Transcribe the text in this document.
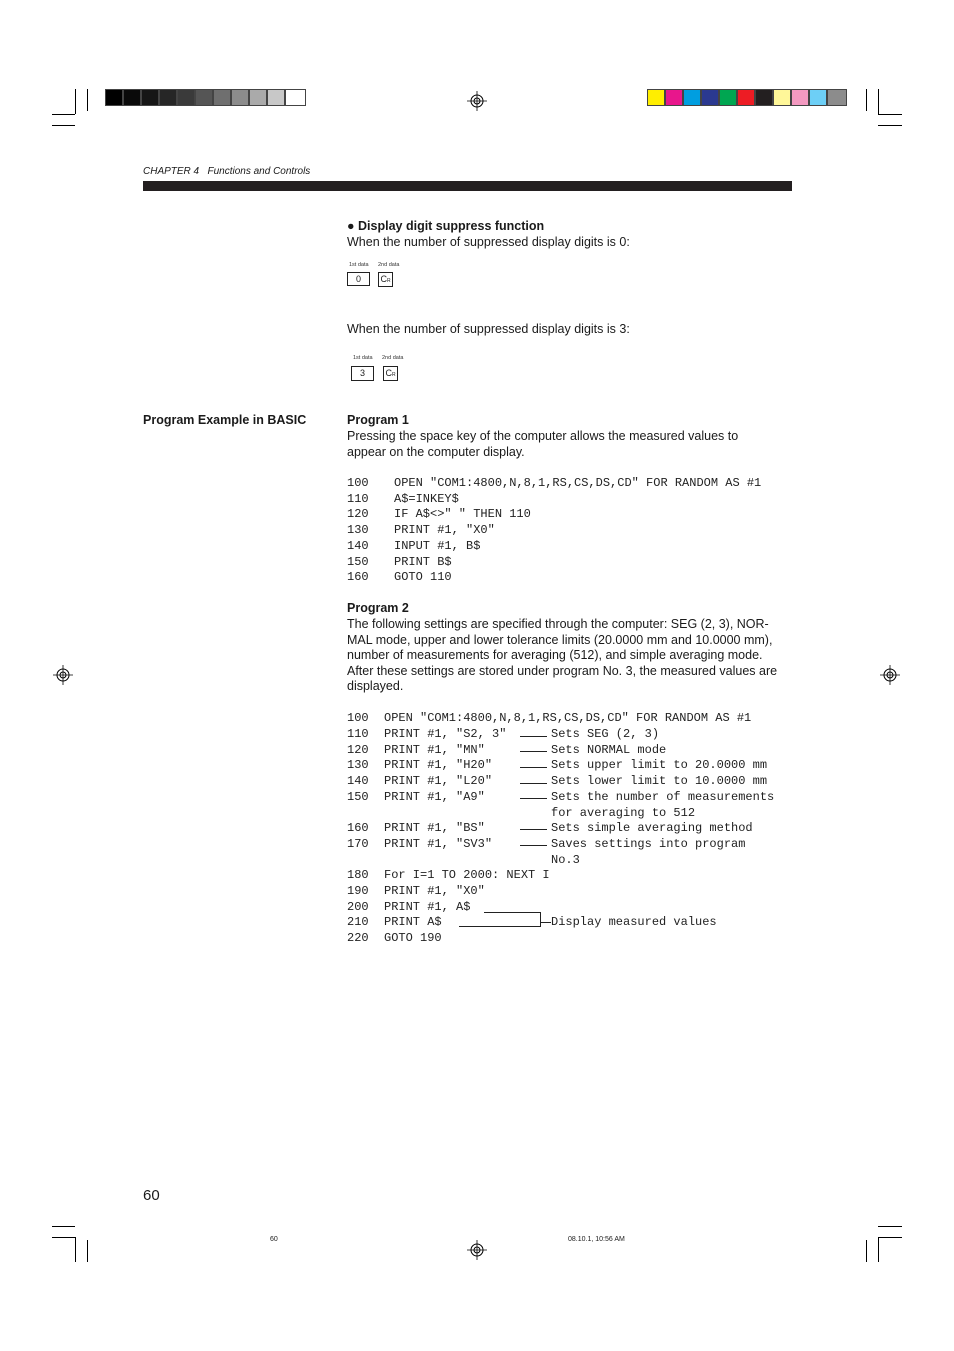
CHAPTER 4 Functions and Controls
● Display digit suppress function
When the number of suppressed display digits is 0:
1st data 2nd data
0	CR
When the number of suppressed display digits is 3:
1st data 2nd data
3	CR
Program Example in BASIC	Program 1
Pressing the space key of the computer allows the measured values to
appear on the computer display.
100 OPEN "COM1:4800,N,8,1,RS,CS,DS,CD" FOR RANDOM AS #1
110 A$=INKEY$
120 IF A$<>" " THEN 110
130 PRINT #1, "X0"
140 INPUT #1, B$
150 PRINT B$
160 GOTO 110
Program 2
The following settings are specified through the computer: SEG (2, 3), NOR-
MAL mode, upper and lower tolerance limits (20.0000 mm and 10.0000 mm),
number of measurements for averaging (512), and simple averaging mode.
After these settings are stored under program No. 3, the measured values are
displayed.
100 OPEN "COM1:4800,N,8,1,RS,CS,DS,CD" FOR RANDOM AS #1
110 PRINT #1, "S2, 3"	Sets SEG (2, 3)
120 PRINT #1, "MN"	Sets NORMAL mode
130 PRINT #1, "H20"	Sets upper limit to 20.0000 mm
140 PRINT #1, "L20"	Sets lower limit to 10.0000 mm
150 PRINT #1, "A9"	Sets the number of measurements
for averaging to 512
160 PRINT #1, "BS"	Sets simple averaging method
170 PRINT #1, "SV3"	Saves settings into program
No.3
180 For I=1 TO 2000: NEXT I
190 PRINT #1, "X0"
200 PRINT #1, A$
210 PRINT A$	Display measured values
220 GOTO 190
60
60	08.10.1, 10:56 AM
